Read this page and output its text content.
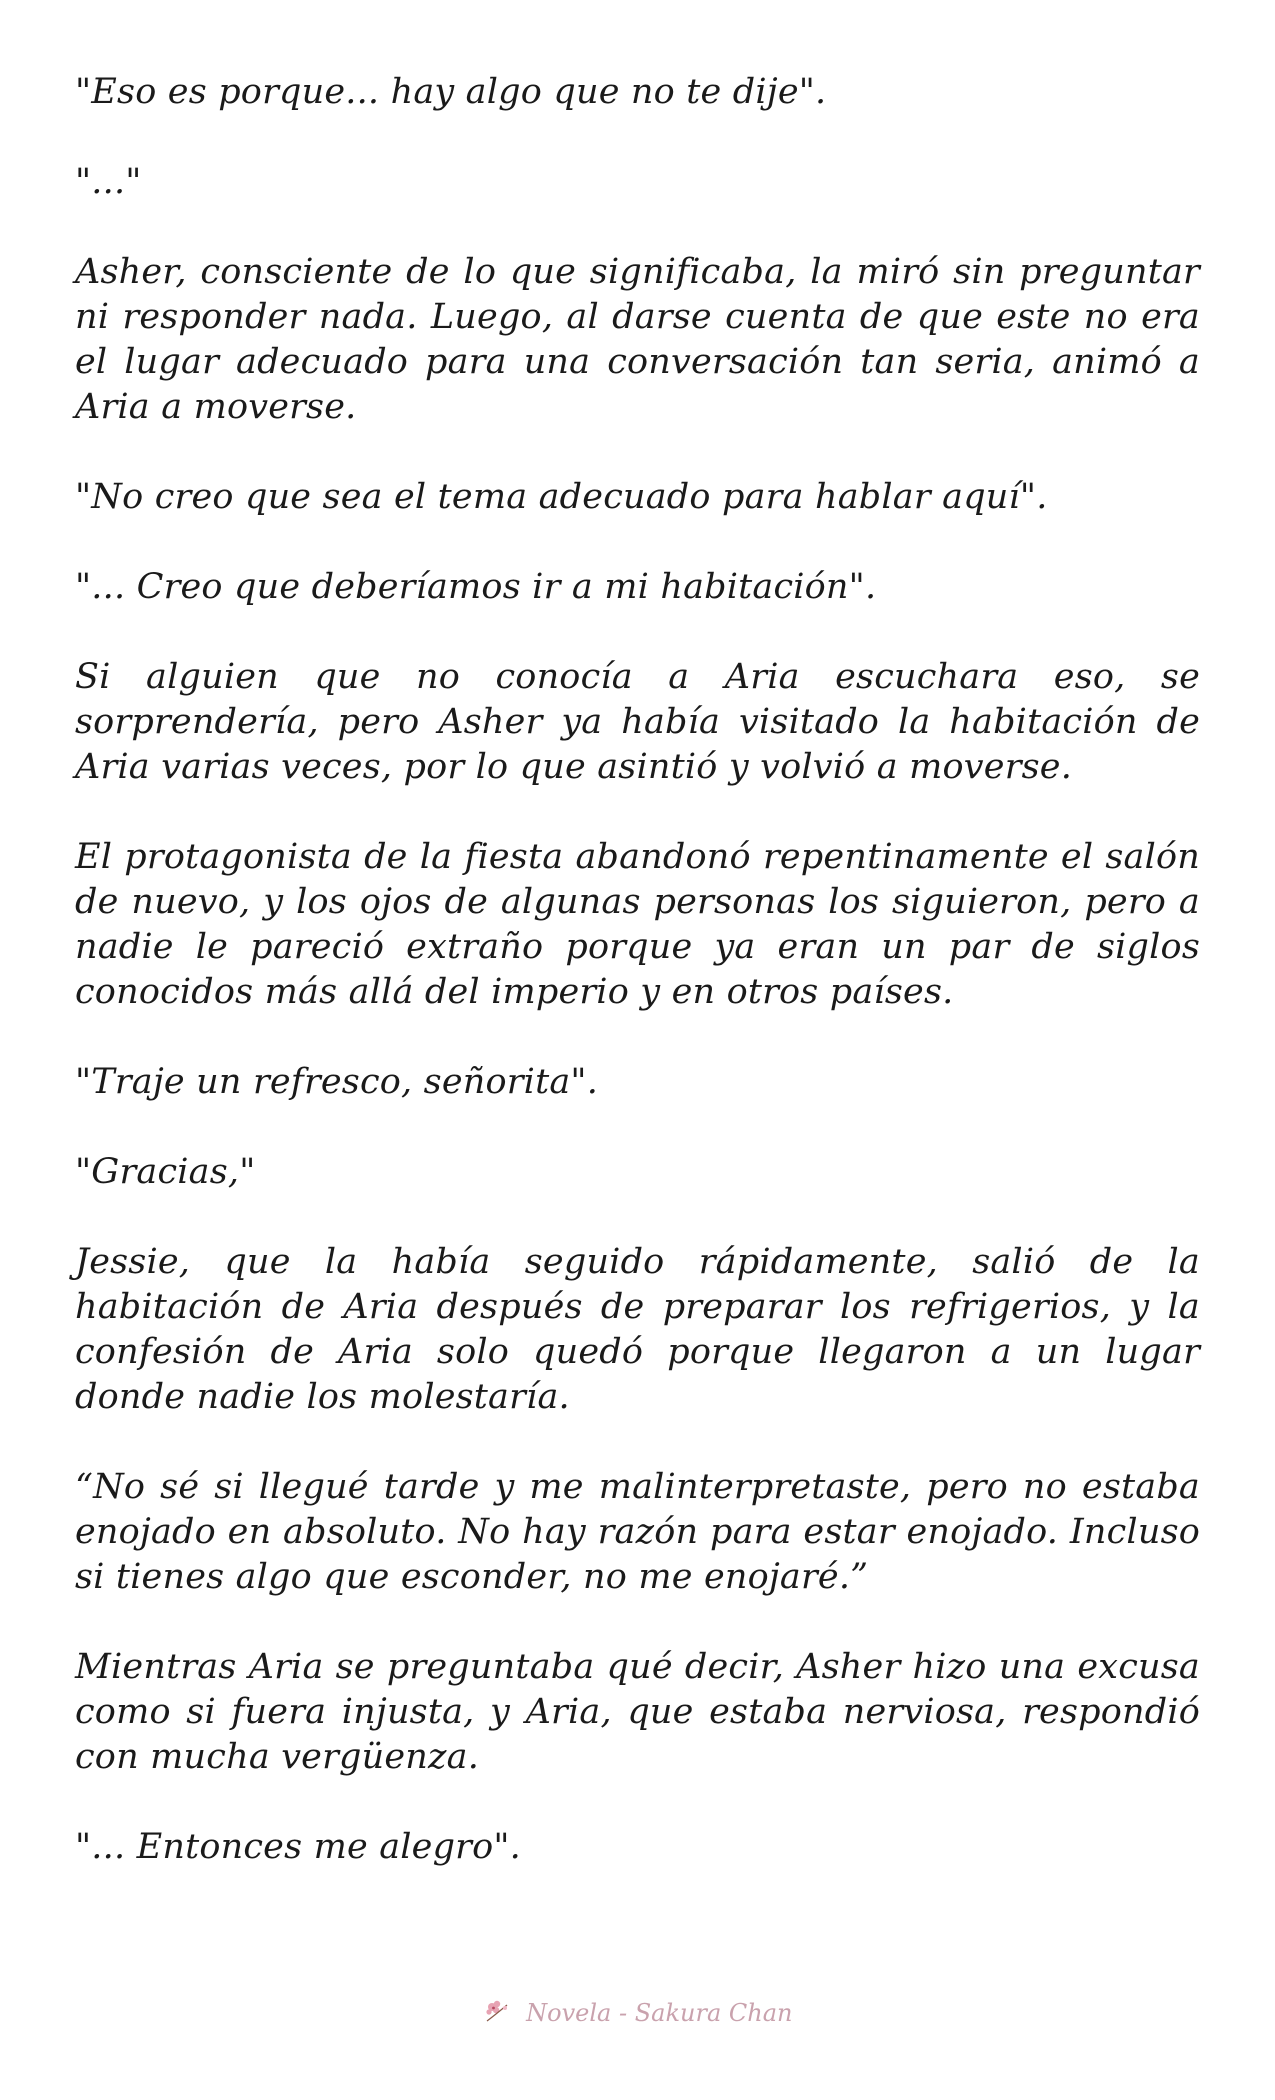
"Eso es porque... hay algo que no te dije".

"..."

Asher, consciente de lo que significaba, la miró sin preguntar ni responder nada. Luego, al darse cuenta de que este no era el lugar adecuado para una conversación tan seria, animó a Aria a moverse.

"No creo que sea el tema adecuado para hablar aquí".

"... Creo que deberíamos ir a mi habitación".

Si alguien que no conocía a Aria escuchara eso, se sorprendería, pero Asher ya había visitado la habitación de Aria varias veces, por lo que asintió y volvió a moverse.

El protagonista de la fiesta abandonó repentinamente el salón de nuevo, y los ojos de algunas personas los siguieron, pero a nadie le pareció extraño porque ya eran un par de siglos conocidos más allá del imperio y en otros países.

"Traje un refresco, señorita".

"Gracias,"

Jessie, que la había seguido rápidamente, salió de la habitación de Aria después de preparar los refrigerios, y la confesión de Aria solo quedó porque llegaron a un lugar donde nadie los molestaría.

“No sé si llegué tarde y me malinterpretaste, pero no estaba enojado en absoluto. No hay razón para estar enojado. Incluso si tienes algo que esconder, no me enojaré.”

Mientras Aria se preguntaba qué decir, Asher hizo una excusa como si fuera injusta, y Aria, que estaba nerviosa, respondió con mucha vergüenza.

"... Entonces me alegro".

Novela - Sakura Chan
